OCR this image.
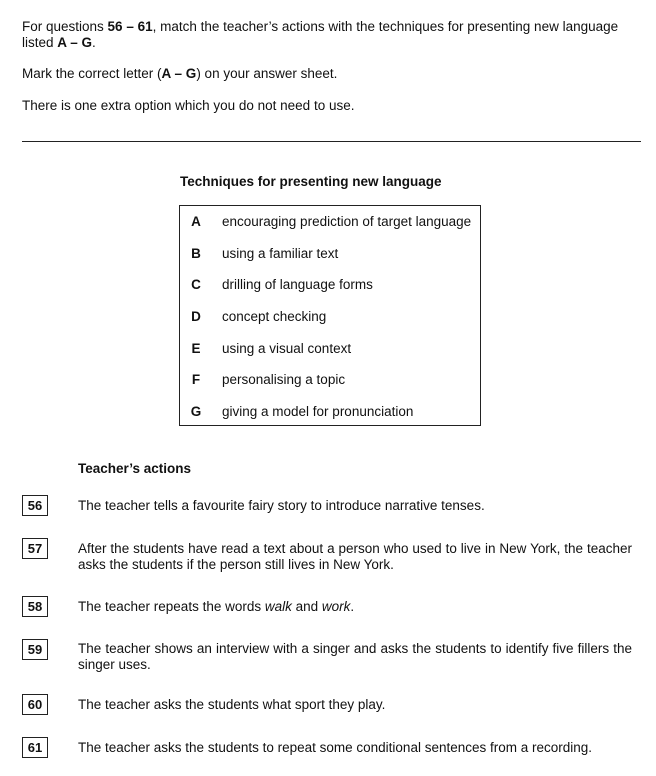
For questions 56 – 61, match the teacher’s actions with the techniques for presenting new language listed A – G.
Mark the correct letter (A – G) on your answer sheet.
There is one extra option which you do not need to use.
Techniques for presenting new language
A encouraging prediction of target language
B using a familiar text
C drilling of language forms
D concept checking
E using a visual context
F personalising a topic
G giving a model for pronunciation
Teacher’s actions
56	The teacher tells a favourite fairy story to introduce narrative tenses.
57	After the students have read a text about a person who used to live in New York, the teacher asks the students if the person still lives in New York.
58	The teacher repeats the words walk and work.
59	The teacher shows an interview with a singer and asks the students to identify five fillers the singer uses.
60	The teacher asks the students what sport they play.
61	The teacher asks the students to repeat some conditional sentences from a recording.
